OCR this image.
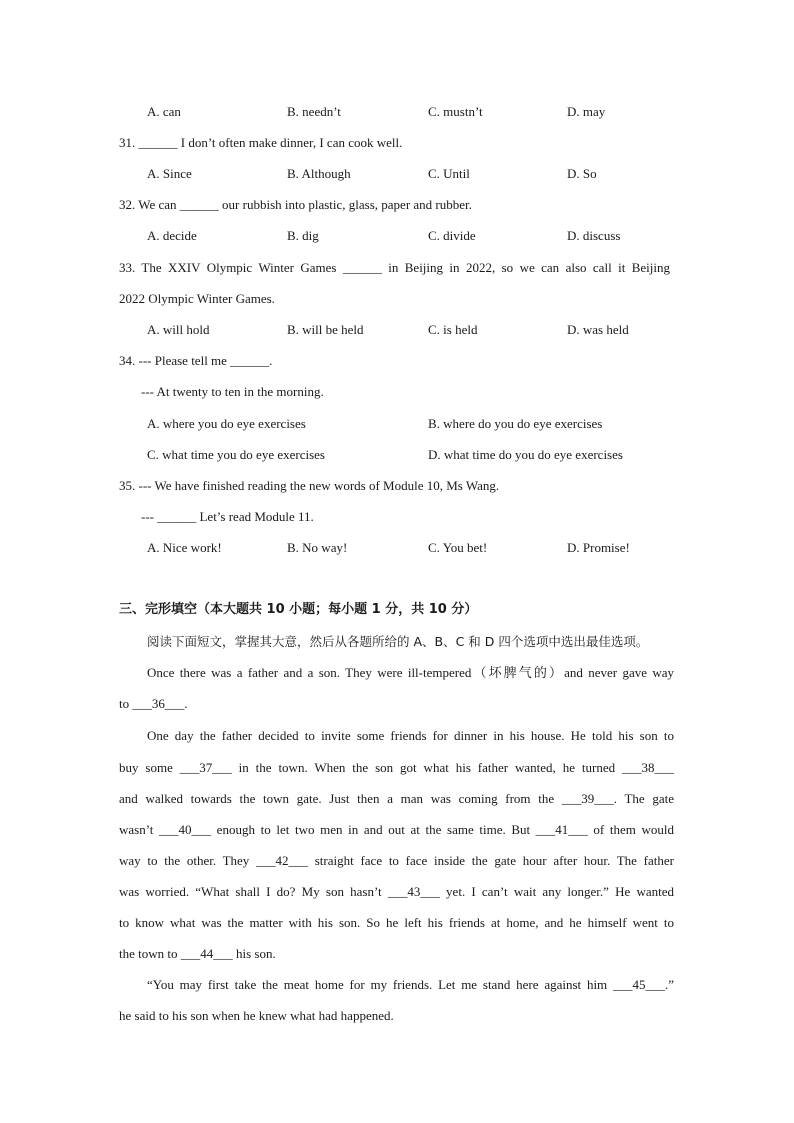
A. can	B. needn’t	C. mustn’t	D. may
31. ______ I don’t often make dinner, I can cook well.
A. Since	B. Although	C. Until	D. So
32. We can ______ our rubbish into plastic, glass, paper and rubber.
A. decide	B. dig	C. divide	D. discuss
33. The XXIV Olympic Winter Games ______ in Beijing in 2022, so we can also call it Beijing
2022 Olympic Winter Games.
A. will hold	B. will be held	C. is held	D. was held
34. --- Please tell me ______.
--- At twenty to ten in the morning.
A. where you do eye exercises	B. where do you do eye exercises
C. what time you do eye exercises	D. what time do you do eye exercises
35. --- We have finished reading the new words of Module 10, Ms Wang.
--- ______ Let’s read Module 11.
A. Nice work!	B. No way!	C. You bet!	D. Promise!
三、完形填空（本大题共 10 小题；每小题 1 分，共 10 分）
阅读下面短文，掌握其大意，然后从各题所给的 A、B、C 和 D 四个选项中选出最佳选项。
Once there was a father and a son. They were ill-tempered（坏脾气的）and never gave way
to ___36___.
One day the father decided to invite some friends for dinner in his house. He told his son to
buy some ___37___ in the town. When the son got what his father wanted, he turned ___38___
and walked towards the town gate. Just then a man was coming from the ___39___. The gate
wasn’t ___40___ enough to let two men in and out at the same time. But ___41___ of them would
way to the other. They ___42___ straight face to face inside the gate hour after hour. The father
was worried. “What shall I do? My son hasn’t ___43___ yet. I can’t wait any longer.” He wanted
to know what was the matter with his son. So he left his friends at home, and he himself went to
the town to ___44___ his son.
“You may first take the meat home for my friends. Let me stand here against him ___45___.”
he said to his son when he knew what had happened.
